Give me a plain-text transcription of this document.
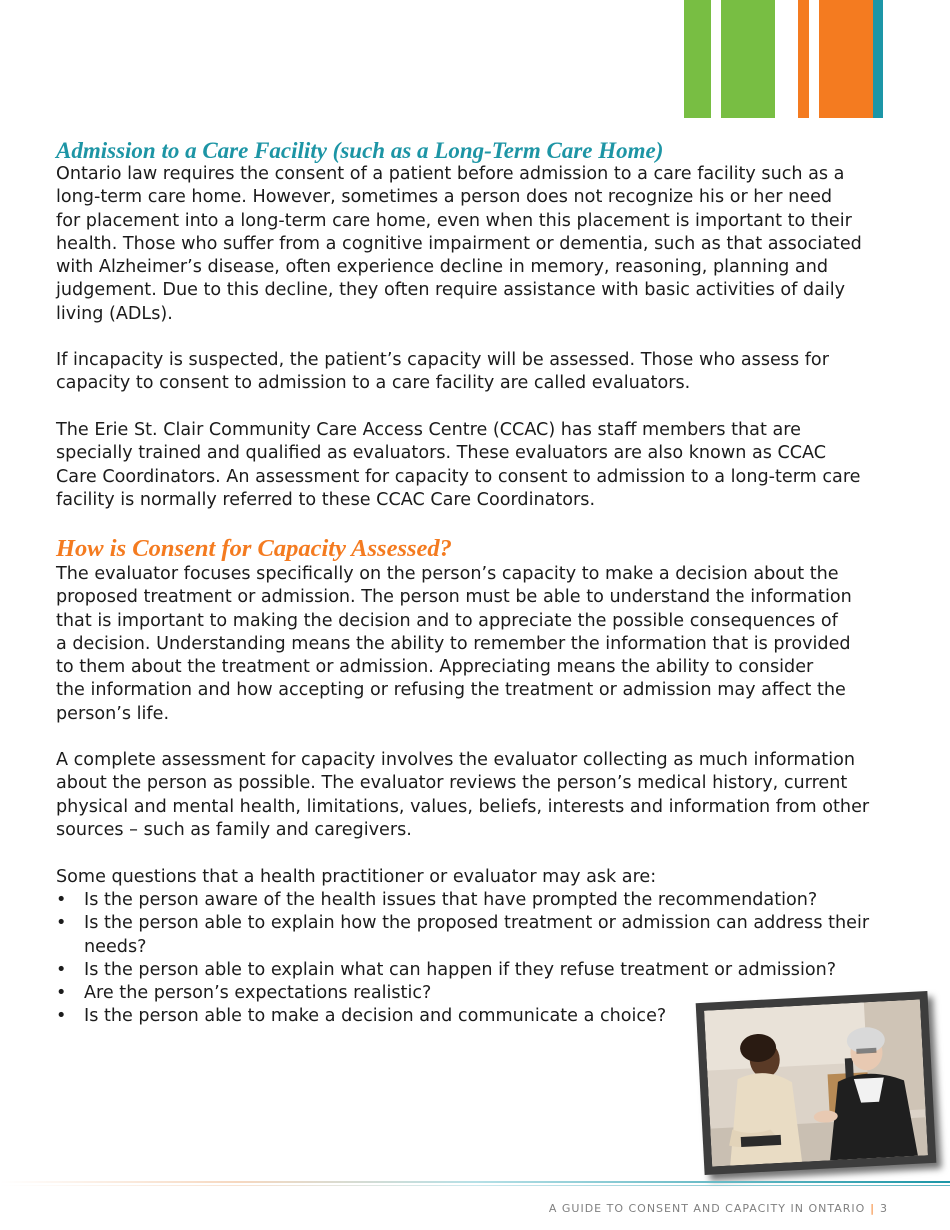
Admission to a Care Facility (such as a Long-Term Care Home)

Ontario law requires the consent of a patient before admission to a care facility such as a
long-term care home. However, sometimes a person does not recognize his or her need
for placement into a long-term care home, even when this placement is important to their
health. Those who suffer from a cognitive impairment or dementia, such as that associated
with Alzheimer’s disease, often experience decline in memory, reasoning, planning and
judgement. Due to this decline, they often require assistance with basic activities of daily
living (ADLs).

If incapacity is suspected, the patient’s capacity will be assessed. Those who assess for
capacity to consent to admission to a care facility are called evaluators.

The Erie St. Clair Community Care Access Centre (CCAC) has staff members that are
specially trained and qualified as evaluators. These evaluators are also known as CCAC
Care Coordinators. An assessment for capacity to consent to admission to a long-term care
facility is normally referred to these CCAC Care Coordinators.

How is Consent for Capacity Assessed?

The evaluator focuses specifically on the person’s capacity to make a decision about the
proposed treatment or admission. The person must be able to understand the information
that is important to making the decision and to appreciate the possible consequences of
a decision. Understanding means the ability to remember the information that is provided
to them about the treatment or admission. Appreciating means the ability to consider
the information and how accepting or refusing the treatment or admission may affect the
person’s life.

A complete assessment for capacity involves the evaluator collecting as much information
about the person as possible. The evaluator reviews the person’s medical history, current
physical and mental health, limitations, values, beliefs, interests and information from other
sources – such as family and caregivers.

Some questions that a health practitioner or evaluator may ask are:

• Is the person aware of the health issues that have prompted the recommendation?
• Is the person able to explain how the proposed treatment or admission can address their
needs?
• Is the person able to explain what can happen if they refuse treatment or admission?
• Are the person’s expectations realistic?
• Is the person able to make a decision and communicate a choice?
A GUIDE TO CONSENT AND CAPACITY IN ONTARIO | 3
